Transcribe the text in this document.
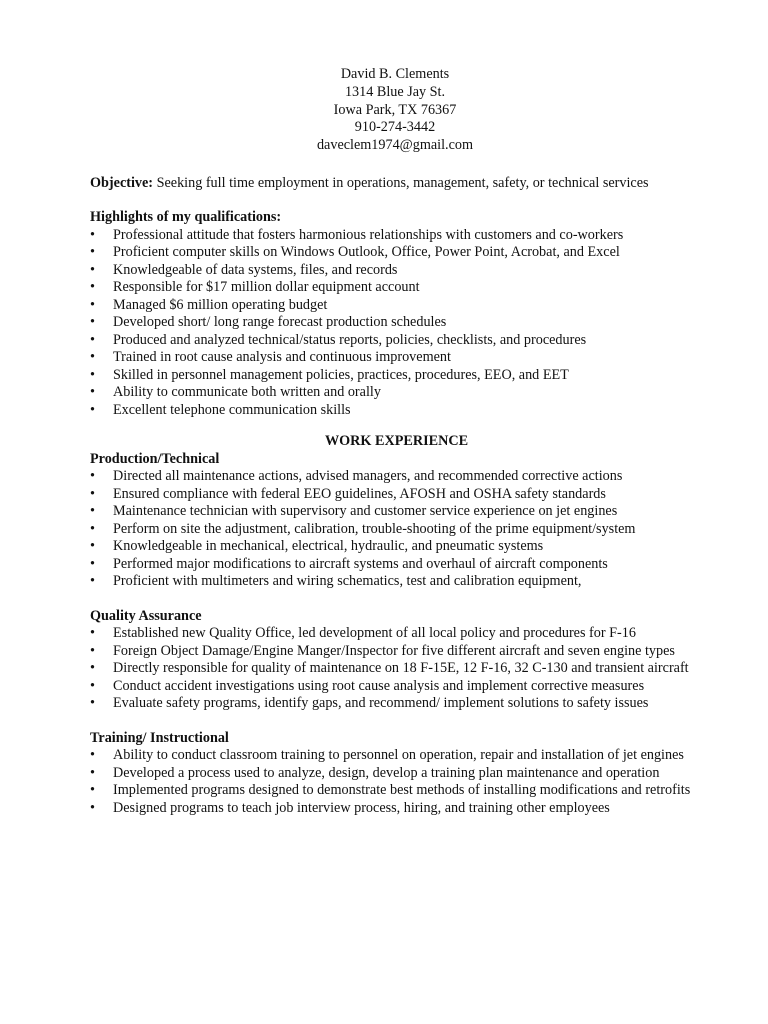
David B. Clements
1314 Blue Jay St.
Iowa Park, TX 76367
910-274-3442
daveclem1974@gmail.com
Objective: Seeking full time employment in operations, management, safety, or technical services
Highlights of my qualifications:
• Professional attitude that fosters harmonious relationships with customers and co-workers
• Proficient computer skills on Windows Outlook, Office, Power Point, Acrobat, and Excel
• Knowledgeable of data systems, files, and records
• Responsible for $17 million dollar equipment account
• Managed $6 million operating budget
• Developed short/ long range forecast production schedules
• Produced and analyzed technical/status reports, policies, checklists, and procedures
• Trained in root cause analysis and continuous improvement
• Skilled in personnel management policies, practices, procedures, EEO, and EET
• Ability to communicate both written and orally
• Excellent telephone communication skills
WORK EXPERIENCE
Production/Technical
• Directed all maintenance actions, advised managers, and recommended corrective actions
• Ensured compliance with federal EEO guidelines, AFOSH and OSHA safety standards
• Maintenance technician with supervisory and customer service experience on jet engines
• Perform on site the adjustment, calibration, trouble-shooting of the prime equipment/system
• Knowledgeable in mechanical, electrical, hydraulic, and pneumatic systems
• Performed major modifications to aircraft systems and overhaul of aircraft components
• Proficient with multimeters and wiring schematics, test and calibration equipment,
Quality Assurance
• Established new Quality Office, led development of all local policy and procedures for F-16
• Foreign Object Damage/Engine Manger/Inspector for five different aircraft and seven engine types
• Directly responsible for quality of maintenance on 18 F-15E, 12 F-16, 32 C-130 and transient aircraft
• Conduct accident investigations using root cause analysis and implement corrective measures
• Evaluate safety programs, identify gaps, and recommend/ implement solutions to safety issues
Training/ Instructional
• Ability to conduct classroom training to personnel on operation, repair and installation of jet engines
• Developed a process used to analyze, design, develop a training plan maintenance and operation
• Implemented programs designed to demonstrate best methods of installing modifications and retrofits
• Designed programs to teach job interview process, hiring, and training other employees
